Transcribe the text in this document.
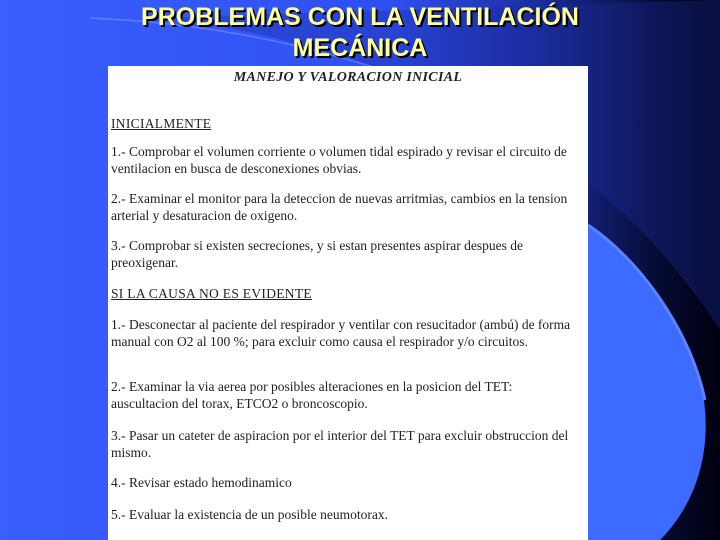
PROBLEMAS CON LA VENTILACIÓN
MECÁNICA
MANEJO Y VALORACION INICIAL
INICIALMENTE
1.- Comprobar el volumen corriente o volumen tidal espirado y revisar el circuito de ventilacion en busca de desconexiones obvias.
2.- Examinar el monitor para la deteccion de nuevas arritmias, cambios en la tension arterial y desaturacion de oxigeno.
3.- Comprobar si existen secreciones, y si estan presentes aspirar despues de preoxigenar.
SI LA CAUSA NO ES EVIDENTE
1.- Desconectar al paciente del respirador y ventilar con resucitador (ambú) de forma manual con O2 al 100 %; para excluir como causa el respirador y/o circuitos.
2.- Examinar la via aerea por posibles alteraciones en la posicion del TET: auscultacion del torax, ETCO2 o broncoscopio.
3.- Pasar un cateter de aspiracion por el interior del TET para excluir obstruccion del mismo.
4.- Revisar estado hemodinamico
5.- Evaluar la existencia de un posible neumotorax.
